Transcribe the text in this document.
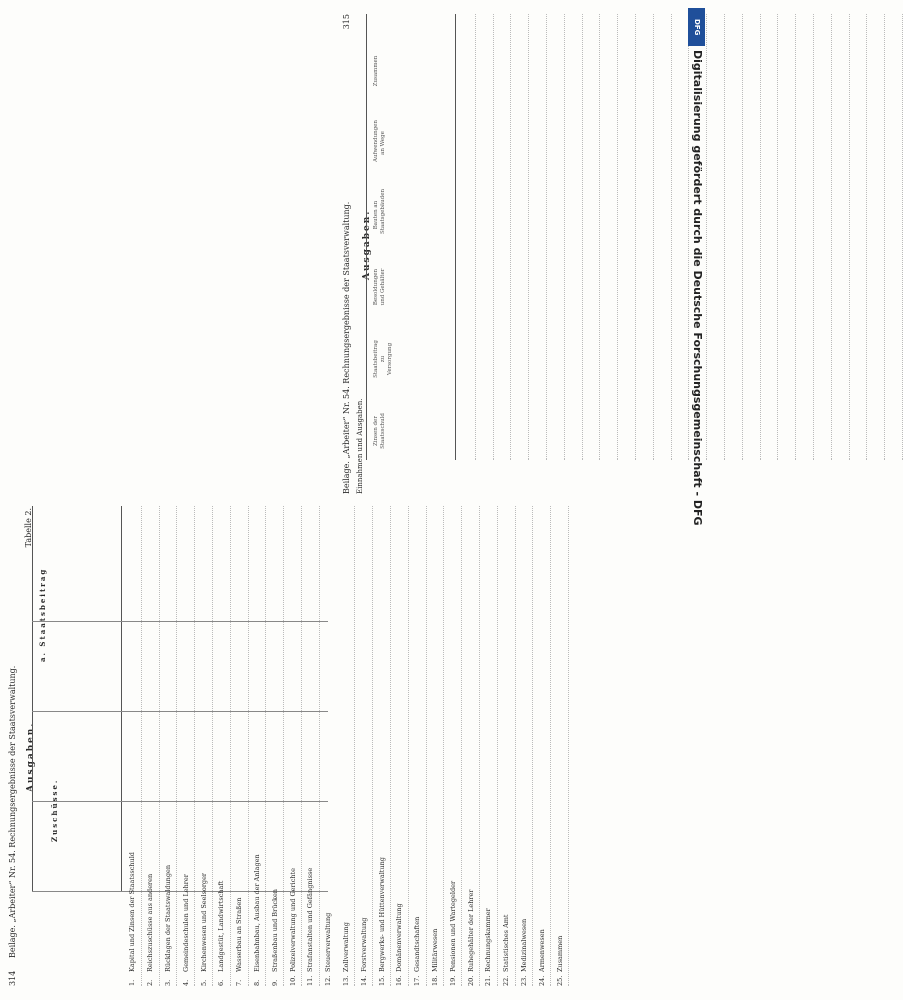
314
Beilage. „Arbeiter“ Nr. 54. Rechnungsergebnisse der Staatsverwaltung.
Tabelle 2.
Ausgaben.
a. Staatsbeitrag
Zuschüsse.
1.
Kapital und Zinsen der Staatsschuld
2.
Reichszuschüsse aus anderen
3.
Rücklagen der Staatswaldungen
4.
Gemeindeschulen und Lehrer
5.
Kirchenwesen und Seelsorger
6.
Landgestüt, Landwirtschaft
7.
Wasserbau an Straßen
8.
Eisenbahnbau, Ausbau der Anlagen
9.
Straßenbau und Brücken
10.
Polizeiverwaltung und Gerichte
11.
Strafanstalten und Gefängnisse
12.
Steuerverwaltung
13.
Zollverwaltung
14.
Forstverwaltung
15.
Bergwerks- und Hüttenverwaltung
16.
Domänenverwaltung
17.
Gesandtschaften
18.
Militärwesen
19.
Pensionen und Wartegelder
20.
Ruhegehälter der Lehrer
21.
Rechnungskammer
22.
Statistisches Amt
23.
Medizinalwesen
24.
Armenwesen
25.
Zusammen
Beilage. „Arbeiter“ Nr. 54. Rechnungsergebnisse der Staatsverwaltung.
315
Einnahmen und Ausgaben.
Ausgaben.
Zinsen der Staatsschuld
Staatsbeitrag zu Versorgung
Besoldungen und Gehälter
Bauten an Staatsgebäuden
Aufwendungen an Wege
Zusammen
DFG
Digitalisierung gefördert durch die Deutsche Forschungsgemeinschaft - DFG
